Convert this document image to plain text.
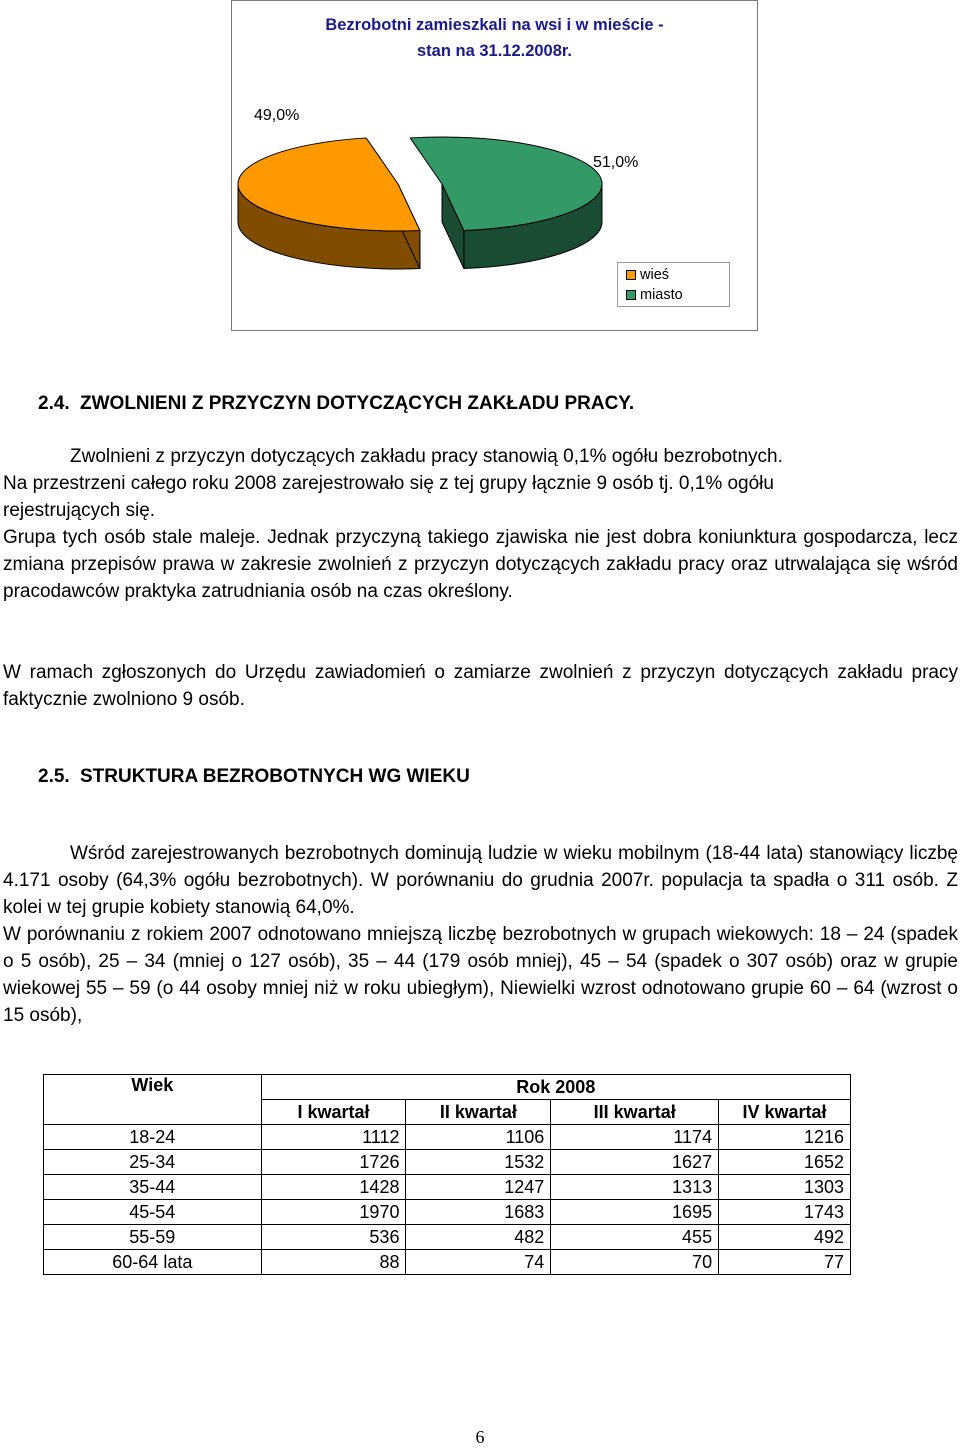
Bezrobotni zamieszkali na wsi i w mieście -
stan na 31.12.2008r.
49,0%
51,0%
wieś
miasto
2.4. ZWOLNIENI Z PRZYCZYN DOTYCZĄCYCH ZAKŁADU PRACY.
Zwolnieni z przyczyn dotyczących zakładu pracy stanowią 0,1% ogółu bezrobotnych.
Na przestrzeni całego roku 2008 zarejestrowało się z tej grupy łącznie 9 osób tj. 0,1% ogółu
rejestrujących się.
Grupa tych osób stale maleje. Jednak przyczyną takiego zjawiska nie jest dobra koniunktura gospodarcza, lecz zmiana przepisów prawa w zakresie zwolnień z przyczyn dotyczących zakładu pracy oraz utrwalająca się wśród pracodawców praktyka zatrudniania osób na czas określony.
W ramach zgłoszonych do Urzędu zawiadomień o zamiarze zwolnień z przyczyn dotyczących zakładu pracy faktycznie zwolniono 9 osób.
2.5. STRUKTURA BEZROBOTNYCH WG WIEKU
Wśród zarejestrowanych bezrobotnych dominują ludzie w wieku mobilnym (18-44 lata) stanowiący liczbę 4.171 osoby (64,3% ogółu bezrobotnych). W porównaniu do grudnia 2007r. populacja ta spadła o 311 osób. Z kolei w tej grupie kobiety stanowią 64,0%.
W porównaniu z rokiem 2007 odnotowano mniejszą liczbę bezrobotnych w grupach wiekowych: 18 – 24 (spadek o 5 osób), 25 – 34 (mniej o 127 osób), 35 – 44 (179 osób mniej), 45 – 54 (spadek o 307 osób) oraz w grupie wiekowej 55 – 59 (o 44 osoby mniej niż w roku ubiegłym), Niewielki wzrost odnotowano grupie 60 – 64 (wzrost o 15 osób),
Wiek	Rok 2008			
	I kwartał	II kwartał	III kwartał	IV kwartał
18-24	1112	1106	1174	1216
25-34	1726	1532	1627	1652
35-44	1428	1247	1313	1303
45-54	1970	1683	1695	1743
55-59	536	482	455	492
60-64 lata	88	74	70	77
6
